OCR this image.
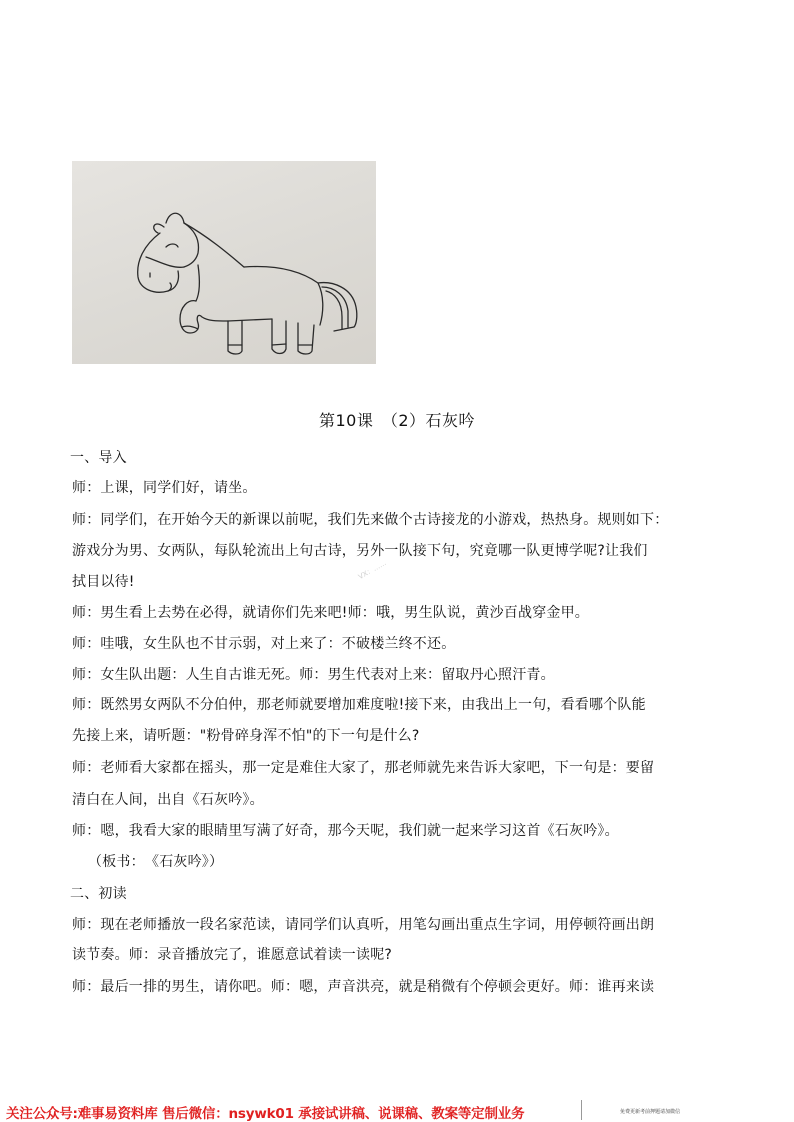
第10课　（2）石灰吟
VX：……
一、导入
师：上课，同学们好，请坐。
师：同学们，在开始今天的新课以前呢，我们先来做个古诗接龙的小游戏，热热身。规则如下：
游戏分为男、女两队，每队轮流出上句古诗，另外一队接下句，究竟哪一队更博学呢?让我们
拭目以待!
师：男生看上去势在必得，就请你们先来吧!师：哦，男生队说，黄沙百战穿金甲。
师：哇哦，女生队也不甘示弱，对上来了：不破楼兰终不还。
师：女生队出题：人生自古谁无死。师：男生代表对上来：留取丹心照汗青。
师：既然男女两队不分伯仲，那老师就要增加难度啦!接下来，由我出上一句，看看哪个队能
先接上来，请听题："粉骨碎身浑不怕"的下一句是什么?
师：老师看大家都在摇头，那一定是难住大家了，那老师就先来告诉大家吧，下一句是：要留
清白在人间，出自《石灰吟》。
师：嗯，我看大家的眼睛里写满了好奇，那今天呢，我们就一起来学习这首《石灰吟》。
（板书：　《石灰吟》）
二、初读
师：现在老师播放一段名家范读，请同学们认真听，用笔勾画出重点生字词，用停顿符画出朗
读节奏。师：录音播放完了，谁愿意试着读一读呢?
师：最后一排的男生，请你吧。师：嗯，声音洪亮，就是稍微有个停顿会更好。师：谁再来读
关注公众号:难事易资料库 售后微信：nsywk01 承接试讲稿、说课稿、教案等定制业务	免费更新考前押题请加微信
